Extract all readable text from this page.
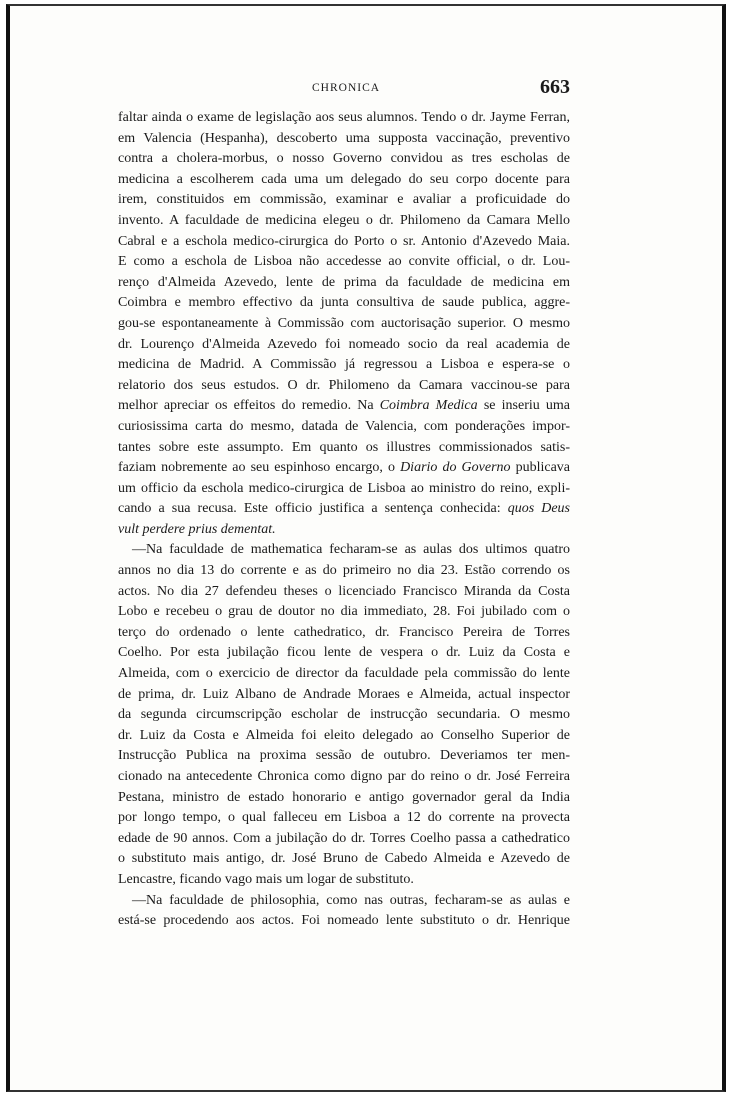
CHRONICA	663
faltar ainda o exame de legislação aos seus alumnos. Tendo o dr. Jayme Ferran,
em Valencia (Hespanha), descoberto uma supposta vaccinação, preventivo
contra a cholera-morbus, o nosso Governo convidou as tres escholas de
medicina a escolherem cada uma um delegado do seu corpo docente para
irem, constituidos em commissão, examinar e avaliar a proficuidade do
invento. A faculdade de medicina elegeu o dr. Philomeno da Camara Mello
Cabral e a eschola medico-cirurgica do Porto o sr. Antonio d'Azevedo Maia.
E como a eschola de Lisboa não accedesse ao convite official, o dr. Lou-
renço d'Almeida Azevedo, lente de prima da faculdade de medicina em
Coimbra e membro effectivo da junta consultiva de saude publica, aggre-
gou-se espontaneamente à Commissão com auctorisação superior. O mesmo
dr. Lourenço d'Almeida Azevedo foi nomeado socio da real academia de
medicina de Madrid. A Commissão já regressou a Lisboa e espera-se o
relatorio dos seus estudos. O dr. Philomeno da Camara vaccinou-se para
melhor apreciar os effeitos do remedio. Na Coimbra Medica se inseriu uma
curiosissima carta do mesmo, datada de Valencia, com ponderações impor-
tantes sobre este assumpto. Em quanto os illustres commissionados satis-
faziam nobremente ao seu espinhoso encargo, o Diario do Governo publicava
um officio da eschola medico-cirurgica de Lisboa ao ministro do reino, expli-
cando a sua recusa. Este officio justifica a sentença conhecida: quos Deus
vult perdere prius dementat.
—Na faculdade de mathematica fecharam-se as aulas dos ultimos quatro
annos no dia 13 do corrente e as do primeiro no dia 23. Estão correndo os
actos. No dia 27 defendeu theses o licenciado Francisco Miranda da Costa
Lobo e recebeu o grau de doutor no dia immediato, 28. Foi jubilado com o
terço do ordenado o lente cathedratico, dr. Francisco Pereira de Torres
Coelho. Por esta jubilação ficou lente de vespera o dr. Luiz da Costa e
Almeida, com o exercicio de director da faculdade pela commissão do lente
de prima, dr. Luiz Albano de Andrade Moraes e Almeida, actual inspector
da segunda circumscripção escholar de instrucção secundaria. O mesmo
dr. Luiz da Costa e Almeida foi eleito delegado ao Conselho Superior de
Instrucção Publica na proxima sessão de outubro. Deveriamos ter men-
cionado na antecedente Chronica como digno par do reino o dr. José Ferreira
Pestana, ministro de estado honorario e antigo governador geral da India
por longo tempo, o qual falleceu em Lisboa a 12 do corrente na provecta
edade de 90 annos. Com a jubilação do dr. Torres Coelho passa a cathedratico
o substituto mais antigo, dr. José Bruno de Cabedo Almeida e Azevedo de
Lencastre, ficando vago mais um logar de substituto.
—Na faculdade de philosophia, como nas outras, fecharam-se as aulas e
está-se procedendo aos actos. Foi nomeado lente substituto o dr. Henrique
